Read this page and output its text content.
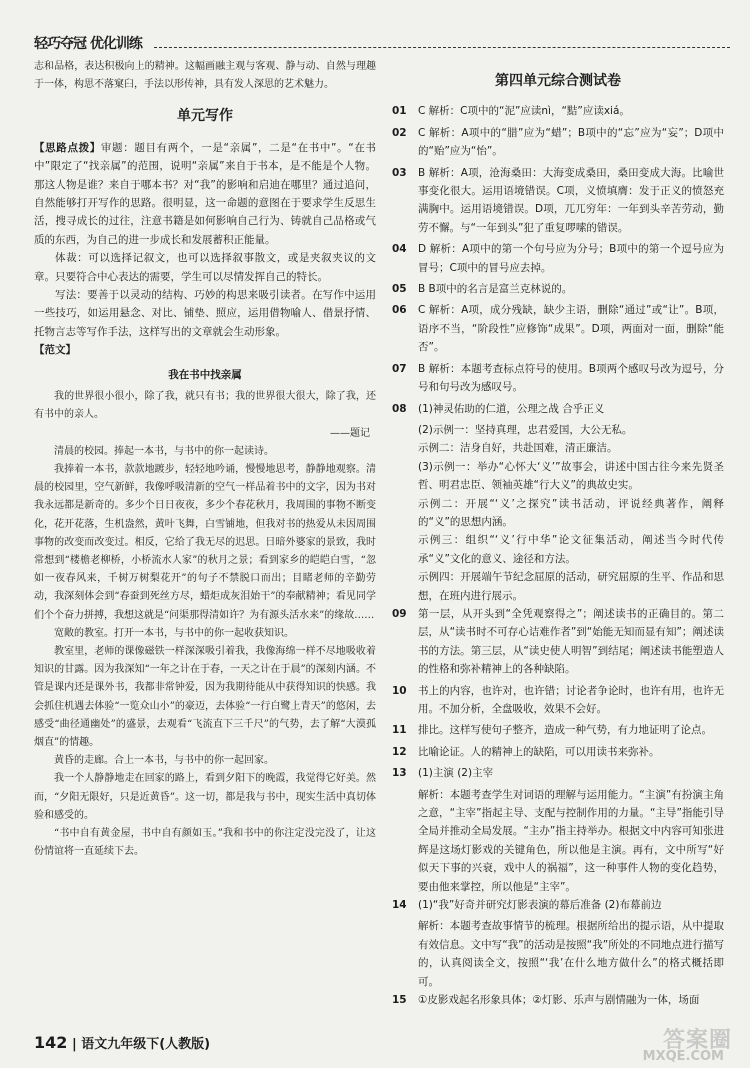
轻巧夺冠 优化训练

志和品格，表达积极向上的精神。这幅画融主观与客观、静与动、自然与理趣于一体，构思不落窠臼，手法以形传神，具有发人深思的艺术魅力。

单元写作

【思路点拨】审题：题目有两个，一是“亲属”，二是“在书中”。“在书中”限定了“找亲属”的范围，说明“亲属”来自于书本，是不能是个人物。那这人物是谁？来自于哪本书？对“我”的影响和启迪在哪里？通过追问，自然能够打开写作的思路。很明显，这一命题的意图在于要求学生反思生活，搜寻成长的过往，注意书籍是如何影响自己行为、铸就自己品格或气质的东西，为自己的进一步成长和发展蓄积正能量。

体裁：可以选择记叙文，也可以选择叙事散文，或是夹叙夹议的文章。只要符合中心表达的需要，学生可以尽情发挥自己的特长。

写法：要善于以灵动的结构、巧妙的构思来吸引读者。在写作中运用一些技巧，如运用悬念、对比、铺垫、照应，运用借物喻人、借景抒情、托物言志等写作手法，这样写出的文章就会生动形象。

【范文】

我在书中找亲属

我的世界很小很小，除了我，就只有书；我的世界很大很大，除了我，还有书中的亲人。

——题记

清晨的校园。捧起一本书，与书中的你一起读诗。

我捧着一本书，款款地踱步，轻轻地吟诵，慢慢地思考，静静地观察。清晨的校园里，空气新鲜，我像呼吸清新的空气一样品着书中的文字，因为书对我永远都是新奇的。多少个日日夜夜，多少个春花秋月，我周围的事物不断变化，花开花落，生机盎然，黄叶飞舞，白雪铺地，但我对书的热爱从未因周围事物的改变而改变过。相反，它给了我无尽的迟思。日暗外婆家的景致，我时常想到“楼檐老柳桥，小桥流水人家”的秋月之景；看到家乡的皑皑白雪，“忽如一夜春风来，千树万树梨花开”的句子不禁脱口而出；目睹老师的辛勤劳动，我深刻体会到“春蚕到死丝方尽，蜡炬成灰泪始干”的奉献精神；看见同学们个个奋力拼搏，我想这就是“问渠那得清如许？为有源头活水来”的缘故……

宽敞的教室。打开一本书，与书中的你一起收获知识。

教室里，老师的课像磁铁一样深深吸引着我，我像海绵一样不尽地吸收着知识的甘露。因为我深知“一年之计在于春，一天之计在于晨”的深刻内涵。不管是课内还是课外书，我都非常钟爱，因为我期待能从中获得知识的快感。我会抓住机遇去体验“一览众山小”的豪迈，去体验“一行白鹭上青天”的悠闲，去感受“曲径通幽处”的盛景，去观看“飞流直下三千尺”的气势，去了解“大漠孤烟直”的情趣。

黄昏的走廊。合上一本书，与书中的你一起回家。

我一个人静静地走在回家的路上，看到夕阳下的晚霞，我觉得它好美。然而，“夕阳无限好，只是近黄昏”。这一切，都是我与书中，现实生活中真切体验和感受的。

“书中自有黄金屋，书中自有颜如玉。”我和书中的你注定没完没了，让这份情谊将一直延续下去。

第四单元综合测试卷
01	C 解析：C项中的“泥”应读nì，“黠”应读xiá。
02	C 解析：A项中的“腊”应为“蜡”；B项中的“忘”应为“妄”；D项中的“贻”应为“怡”。
03	B 解析：A项，沧海桑田：大海变成桑田，桑田变成大海。比喻世事变化很大。运用语境错误。C项，义愤填膺：发于正义的愤怒充满胸中。运用语境错误。D项，兀兀穷年：一年到头辛苦劳动，勤劳不懈。与“一年到头”犯了重复啰嗦的错误。
04	D 解析：A项中的第一个句号应为分号；B项中的第一个逗号应为冒号；C项中的冒号应去掉。
05	B B项中的名言是富兰克林说的。
06	C 解析：A项，成分残缺，缺少主语，删除“通过”或“让”。B项，语序不当，“阶段性”应修饰“成果”。D项，两面对一面，删除“能否”。
07	B 解析：本题考查标点符号的使用。B项两个感叹号改为逗号，分号和句号改为感叹号。
08	(1)神灵佑助的仁道，公理之战 合乎正义

(2)示例一：坚持真理，忠君爱国，大公无私。

示例二：洁身自好，共赴国难，清正廉洁。

(3)示例一：举办“心怀大‘义’”故事会，讲述中国古往今来先贤圣哲、明君忠臣、领袖英雄“行大义”的典故史实。

示例二：开展“‘义’之探究”读书活动，评说经典著作，阐释的“义”的思想内涵。

示例三：组织“‘义’行中华”论文征集活动，阐述当今时代传承“义”文化的意义、途径和方法。

示例四：开展端午节纪念屈原的活动，研究屈原的生平、作品和思想，在班内进行展示。

09	第一层，从开头到“全凭观察得之”；阐述读书的正确目的。第二层，从“读书时不可存心诘难作者”到“始能无知而显有知”；阐述读书的方法。第三层，从“读史使人明智”到结尾；阐述读书能塑造人的性格和弥补精神上的各种缺陷。
10	书上的内容，也许对，也许错；讨论者争论时，也许有用，也许无用。不加分析，全盘吸收，效果不会好。
11	排比。这样写使句子整齐，造成一种气势，有力地证明了论点。
12	比喻论证。人的精神上的缺陷，可以用读书来弥补。
13	(1)主演 (2)主宰

解析：本题考查学生对词语的理解与运用能力。“主演”有扮演主角之意，“主宰”指起主导、支配与控制作用的力量。“主导”指能引导全局并推动全局发展。“主办”指主持举办。根据文中内容可知张进辉是这场灯影戏的关键角色，所以他是主演。再有，文中所写“好似天下事的兴衰，戏中人的祸福”，这一种事件人物的变化趋势，要由他来掌控，所以他是“主宰”。

14	(1)“我”好奇并研究灯影表演的幕后准备 (2)布幕前边

解析：本题考查故事情节的梳理。根据所给出的提示语，从中提取有效信息。文中写“我”的活动是按照“我”所处的不同地点进行描写的，认真阅读全文，按照“‘我’在什么地方做什么”的格式概括即可。

15	①皮影戏起名形象具体；②灯影、乐声与剧情融为一体，场面
142 | 语文九年级下(人教版)	答案圈
MXQE.COM
